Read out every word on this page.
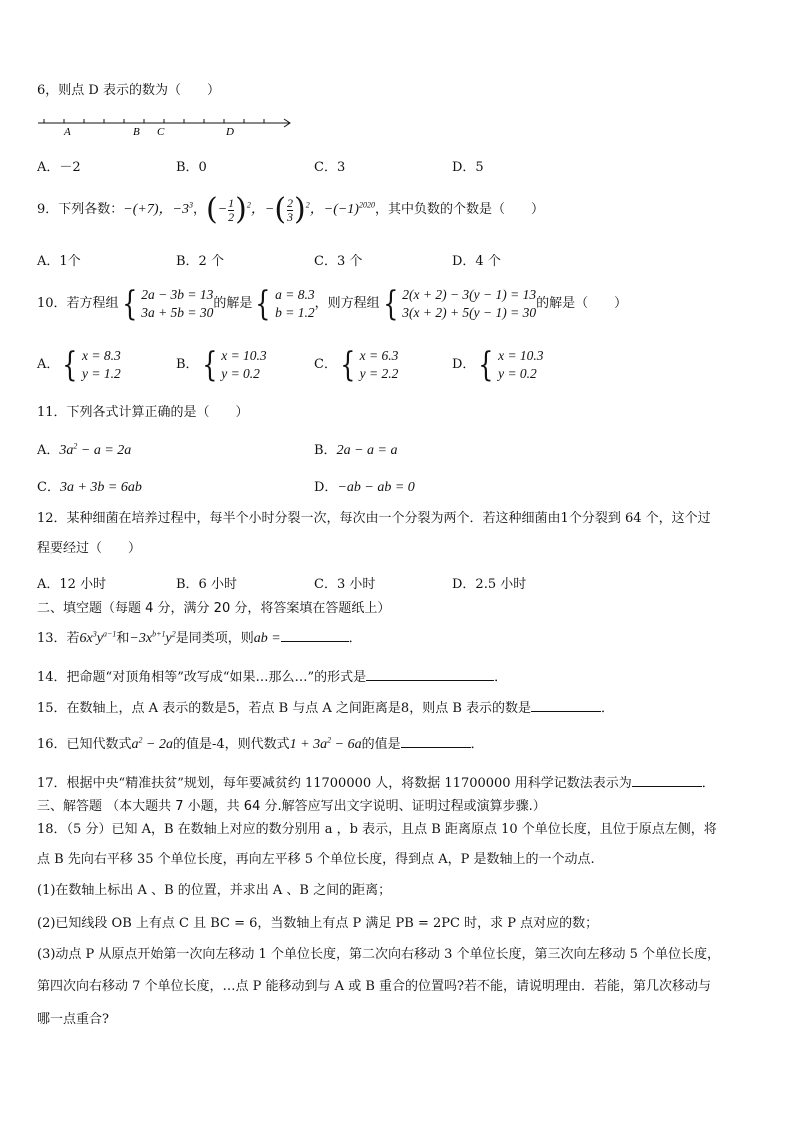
6，则点 D 表示的数为（　　）
A	B C	D
A．－2	B．0	C．3	D．5
9．下列各数： −(+7)，$-3^3$ ， (− $\frac{1}{2} )^2$ ，−( $\frac{2}{3} )^2$ ，$-(-1)^{2020}$ ，其中负数的个数是（　　）
A．1个	B．2 个	C．3 个	D．4 个
10．若方程组 { 2a − 3b = 13
3a + 5b = 30
的解是 { a = 8.3
b = 1.2
，则方程组 { 2(x + 2) − 3(y − 1) = 13
3(x + 2) + 5(y − 1) = 30
的解是（　　）
A． { x = 8.3
y = 1.2
B． { x = 10.3
y = 0.2
C． { x = 6.3
y = 2.2
D． { x = 10.3
y = 0.2
11．下列各式计算正确的是（　　）
A．$3a^2 - a = 2a$	B．2a − a = a
C．3a + 3b = 6ab	D．−ab − ab = 0
12．某种细菌在培养过程中，每半个小时分裂一次，每次由一个分裂为两个．若这种细菌由1个分裂到 64 个，这个过
程要经过（　　）
A．12 小时	B．6 小时	C．3 小时	D．2.5 小时
二、填空题（每题 4 分，满分 20 分，将答案填在答题纸上）
13．若$6x^3y^{a-1}$和$-3x^{b+1}y^2$是同类项，则ab =	．
14．把命题“对顶角相等”改写成“如果…那么…”的形式是	．
15．在数轴上，点 A 表示的数是5，若点 B 与点 A 之间距离是8，则点 B 表示的数是	．
16．已知代数式$a^2 - 2a$的值是-4，则代数式$1 + 3a^2 - 6a$的值是	．
17．根据中央“精准扶贫”规划，每年要减贫约 11700000 人，将数据 11700000 用科学记数法表示为	．
三、解答题 （本大题共 7 小题，共 64 分.解答应写出文字说明、证明过程或演算步骤.）
18．（5 分）已知 A，B 在数轴上对应的数分别用 a ，b 表示，且点 B 距离原点 10 个单位长度，且位于原点左侧，将
点 B 先向右平移 35 个单位长度，再向左平移 5 个单位长度，得到点 A，P 是数轴上的一个动点.
(1)在数轴上标出 A 、B 的位置，并求出 A 、B 之间的距离；
(2)已知线段 OB 上有点 C 且 BC = 6，当数轴上有点 P 满足 PB = 2PC 时，求 P 点对应的数；
(3)动点 P 从原点开始第一次向左移动 1 个单位长度，第二次向右移动 3 个单位长度，第三次向左移动 5 个单位长度，
第四次向右移动 7 个单位长度，…点 P 能移动到与 A 或 B 重合的位置吗?若不能，请说明理由．若能，第几次移动与
哪一点重合?
